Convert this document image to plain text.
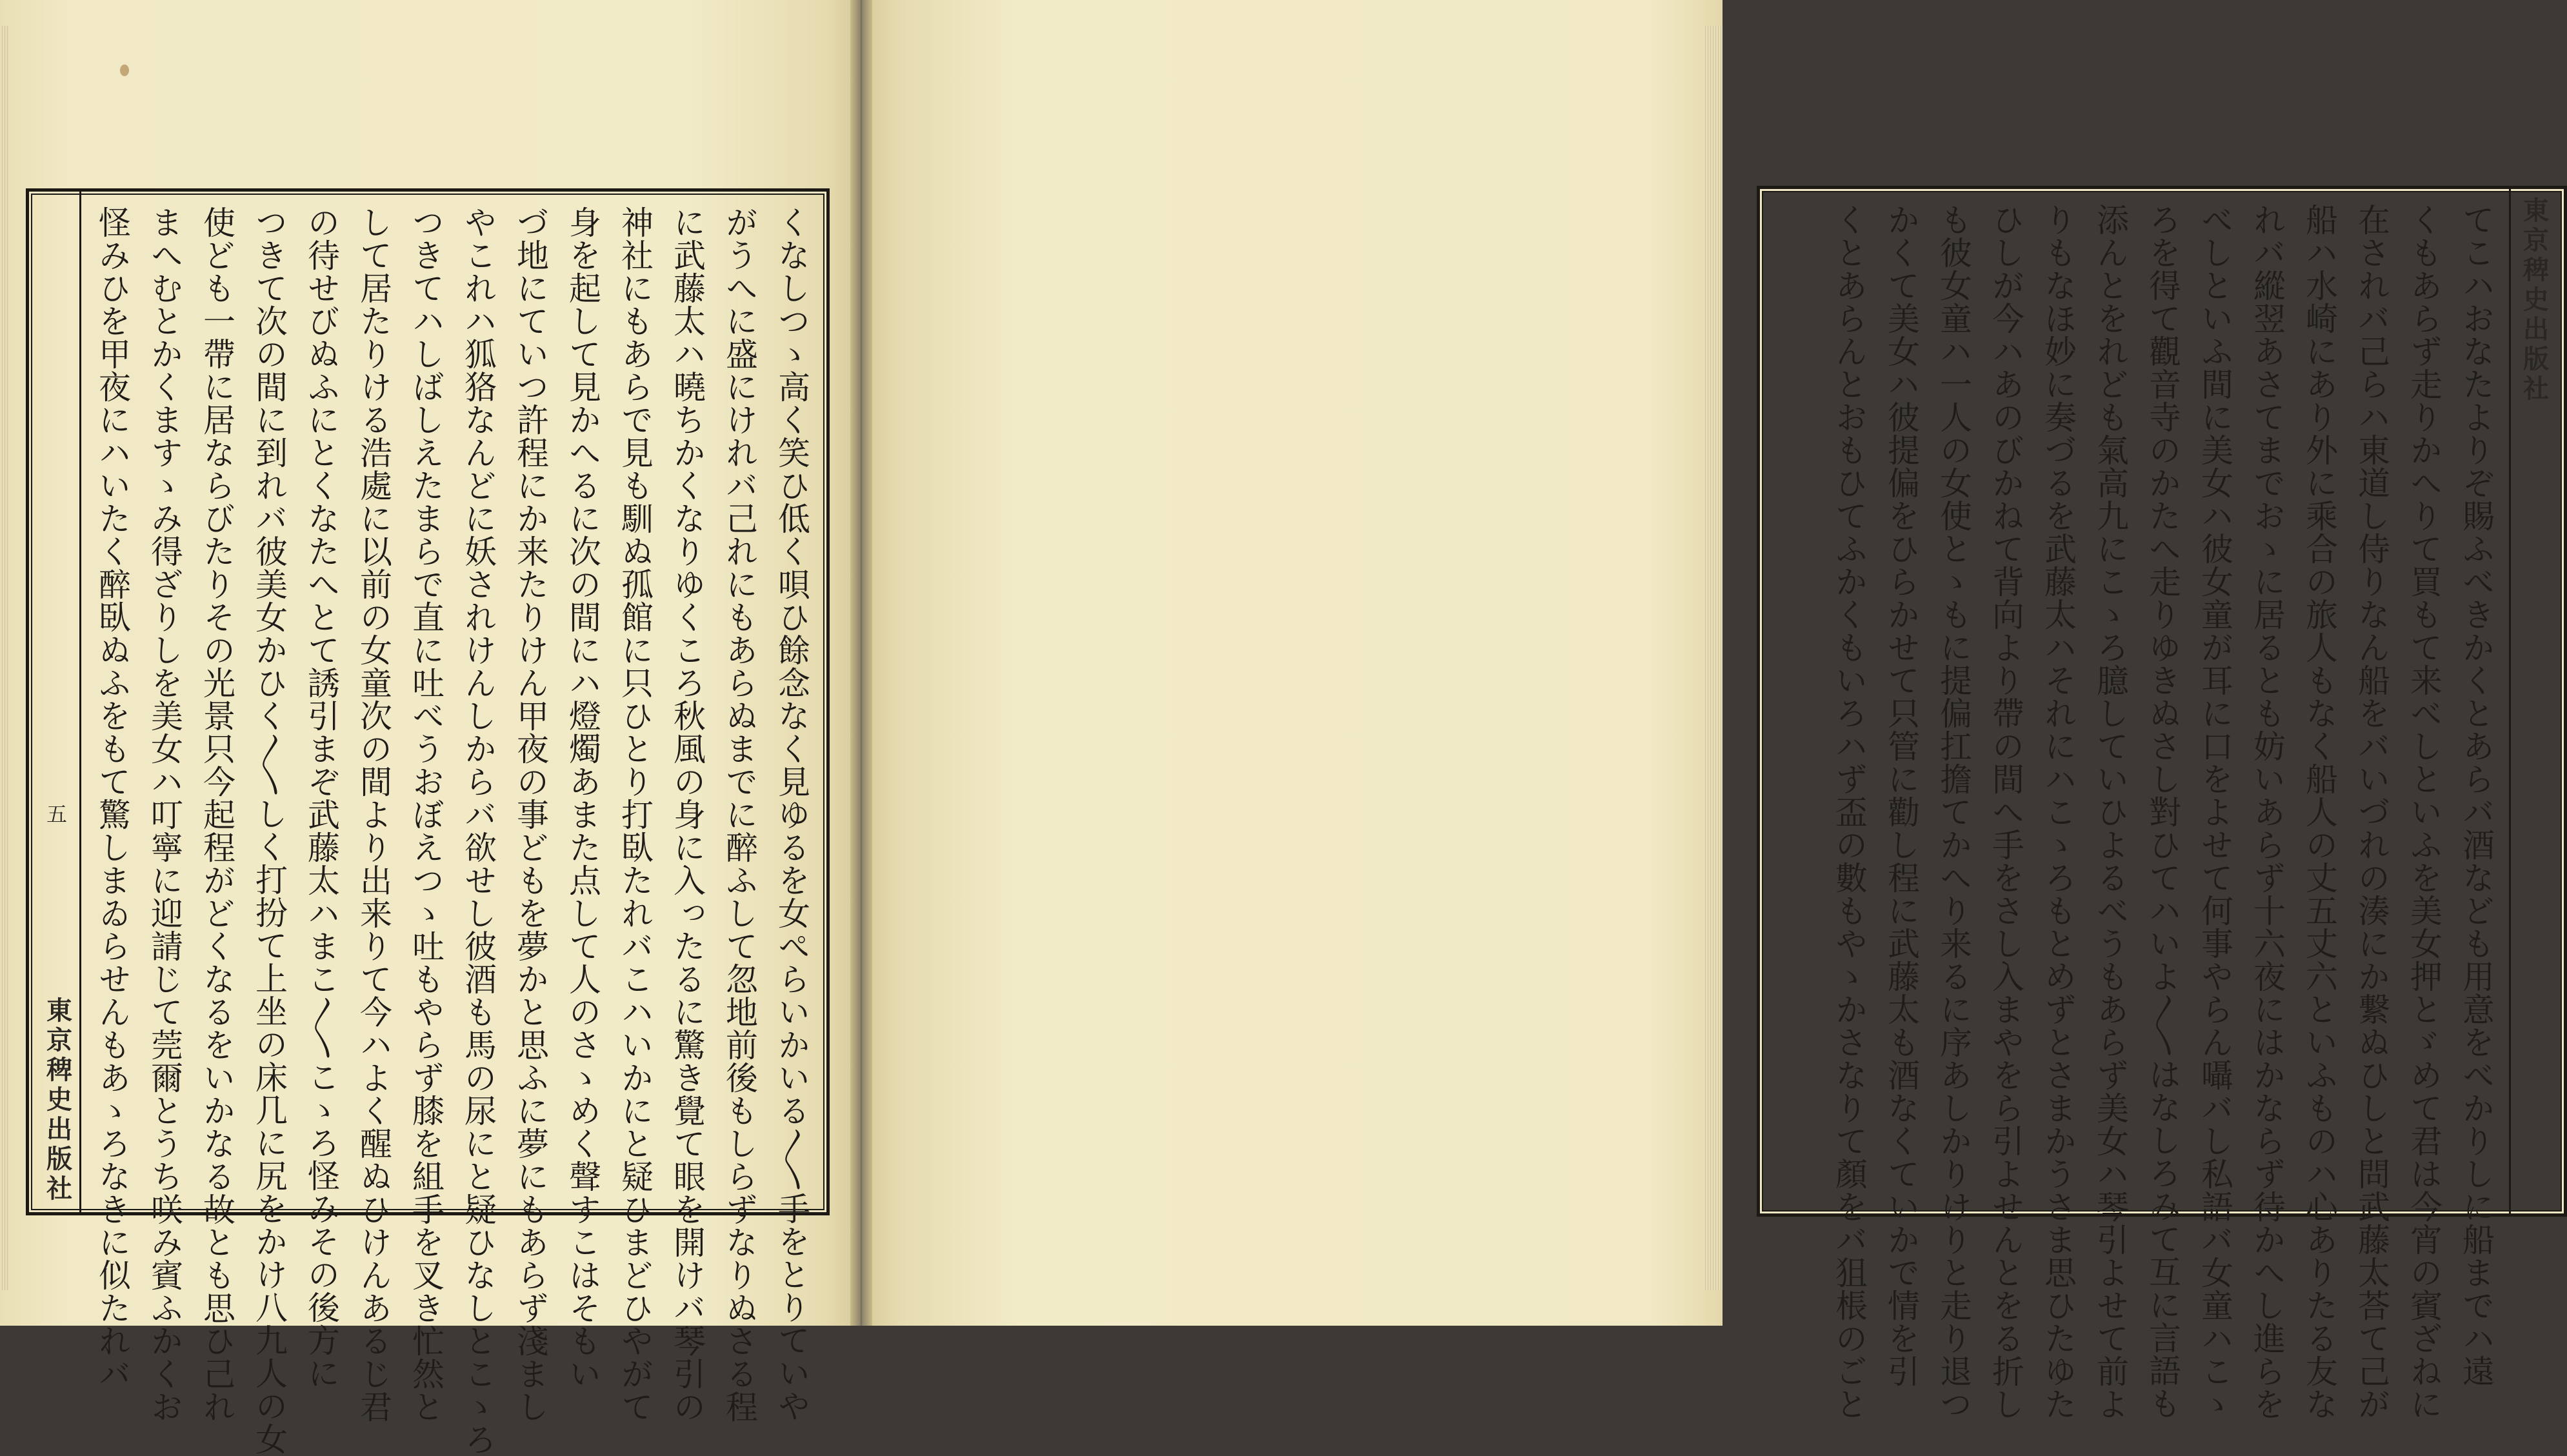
東京稗史出版社
五	くなしつゝ高く笑ひ低く唄ひ餘念なく見ゆるを女ぺらいかいる〳〵手をとりていや
がうへに盛にけれバ己れにもあらぬまでに醉ふして忽地前後もしらずなりぬさる程
に武藤太ハ曉ちかくなりゆくころ秋風の身に入ったるに驚き覺て眼を開けバ琴引の
神社にもあらで見も馴ぬ孤館に只ひとり打臥たれバこハいかにと疑ひまどひやがて
身を起して見かへるに次の間にハ燈燭あまた点して人のさゝめく聲すこはそもい
づ地にていつ許程にか来たりけん甲夜の事どもを夢かと思ふに夢にもあらず淺まし
やこれハ狐狢なんどに妖されけんしからバ欲せし彼酒も馬の尿にと疑ひなしとこゝろ
つきてハしばしえたまらで直に吐べうおぼえつゝ吐もやらず膝を組手を叉き忙然と
して居たりける浩處に以前の女童次の間より出来りて今ハよく醒ぬひけんあるじ君
の待せびぬふにとくなたへとて誘引まぞ武藤太ハまこ〳〵こゝろ怪みその後方に
つきて次の間に到れバ彼美女かひく〳〵しく打扮て上坐の床几に尻をかけ八九人の女
使ども一帶に居ならびたりその光景只今起程がどくなるをいかなる故とも思ひ己れ
まへむとかくますゝみ得ざりしを美女ハ叮寧に迎請じて莞爾とうち咲み賓ふかくお
怪みひを甲夜にハいたく醉臥ぬふをもて驚しまゐらせんもあゝろなきに似たれバ	東京稗史出版社
てこハおなたよりぞ賜ふべきかくとあらバ酒なども用意をべかりしに船までハ遠
くもあらず走りかへりて買もて来べしといふを美女押とゞめて君は今宵の賓ざねに
在されバ己らハ東道し侍りなん船をバいづれの湊にか繋ぬひしと問武藤太荅て己が
船ハ水崎にあり外に乘合の旅人もなく船人の丈五丈六といふものハ心ありたる友な
れバ縱翌あさてまでおゝに居るとも妨いあらず十六夜にはかならず待かへし進らを
べしといふ間に美女ハ彼女童が耳に口をよせて何事やらん囁バし私語バ女童ハこゝ
ろを得て觀音寺のかたへ走りゆきぬさし對ひてハいよ〳〵はなしろみて互に言語も
添んとをれども氣高九にこゝろ臆していひよるべうもあらず美女ハ琴引よせて前よ
りもなほ妙に奏づるを武藤太ハそれにハこゝろもとめずとさまかうさま思ひたゆた
ひしが今ハあのびかねて背向より帶の間へ手をさし入まやをら引よせんとをる折し
も彼女童ハ一人の女使とゝもに提偏扛擔てかへり来るに序あしかりけりと走り退つ
かくて美女ハ彼提偏をひらかせて只管に勸し程に武藤太も酒なくていかで情を引
くとあらんとおもひてふかくもいろハず盃の數もやゝかさなりて顏をバ狙棖のごと
